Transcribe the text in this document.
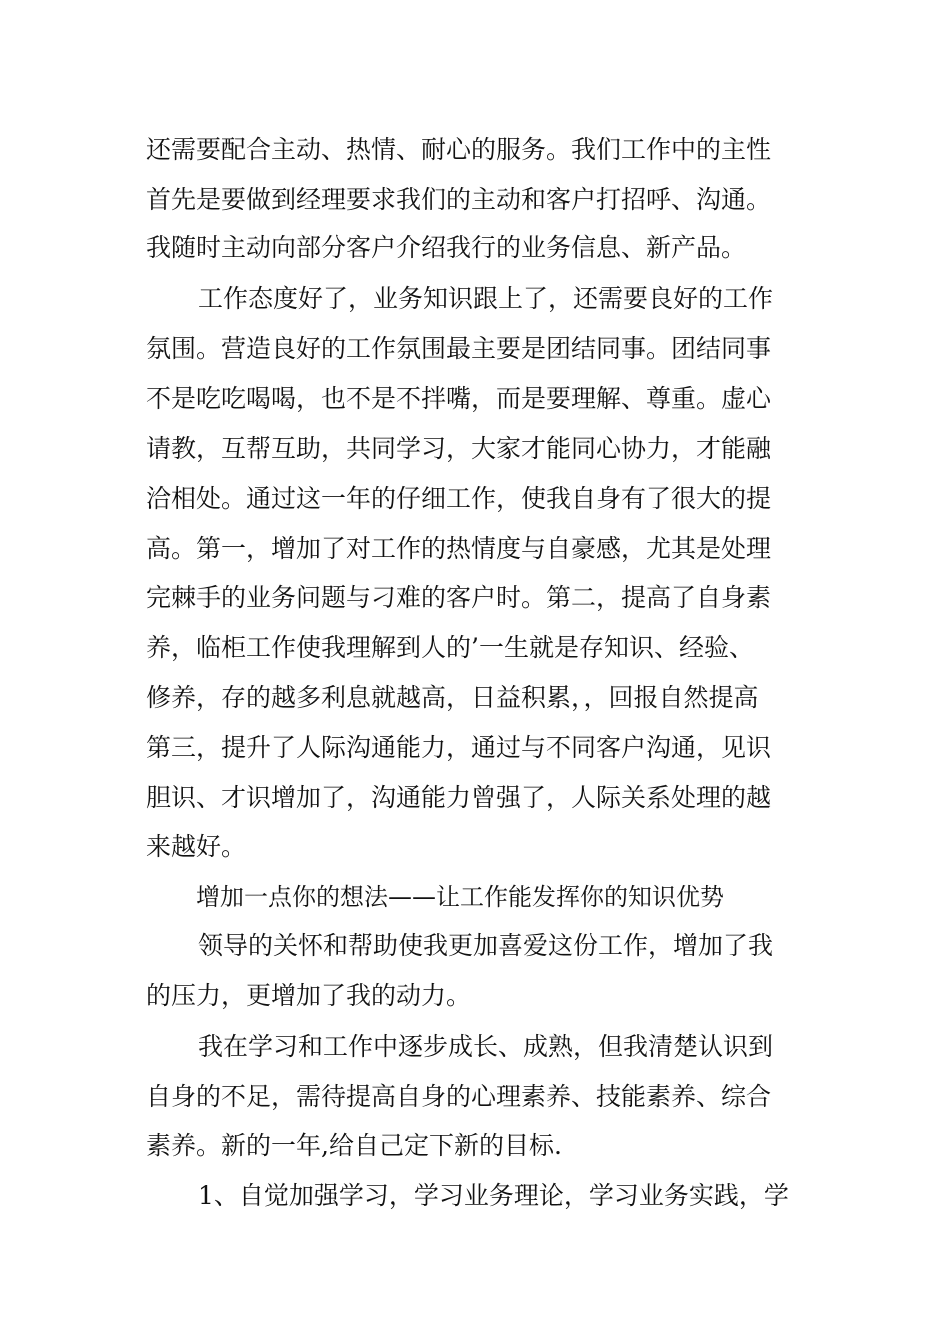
还需要配合主动、热情、耐心的服务。我们工作中的主性
首先是要做到经理要求我们的主动和客户打招呼、沟通。
我随时主动向部分客户介绍我行的业务信息、新产品。
工作态度好了，业务知识跟上了，还需要良好的工作
氛围。营造良好的工作氛围最主要是团结同事。团结同事
不是吃吃喝喝，也不是不拌嘴，而是要理解、尊重。虚心
请教，互帮互助，共同学习，大家才能同心协力，才能融
洽相处。通过这一年的仔细工作，使我自身有了很大的提
高。第一，增加了对工作的热情度与自豪感，尤其是处理
完棘手的业务问题与刁难的客户时。第二，提高了自身素
养，临柜工作使我理解到人的’一生就是存知识、经验、
修养，存的越多利息就越高，日益积累，，回报自然提高
第三，提升了人际沟通能力，通过与不同客户沟通，见识
胆识、才识增加了，沟通能力曾强了，人际关系处理的越
来越好。
增加一点你的想法——让工作能发挥你的知识优势
领导的关怀和帮助使我更加喜爱这份工作，增加了我
的压力，更增加了我的动力。
我在学习和工作中逐步成长、成熟，但我清楚认识到
自身的不足，需待提高自身的心理素养、技能素养、综合
素养。新的一年,给自己定下新的目标.
1、自觉加强学习，学习业务理论，学习业务实践，学
